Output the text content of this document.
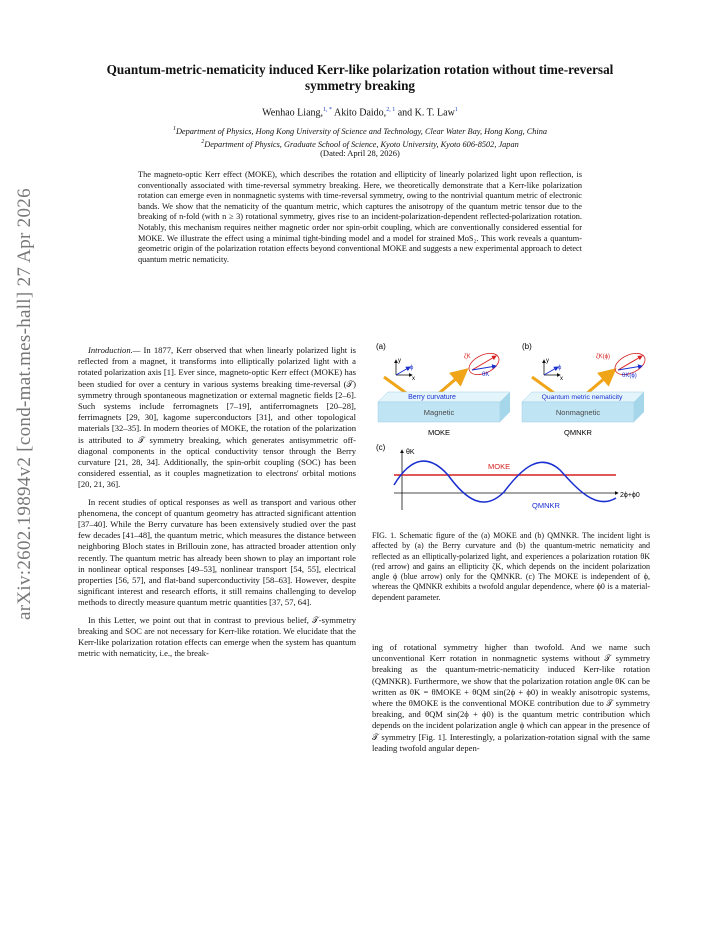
arXiv:2602.19894v2 [cond-mat.mes-hall] 27 Apr 2026
Quantum-metric-nematicity induced Kerr-like polarization rotation without time-reversal symmetry breaking
Wenhao Liang,$^{1, *}$ Akito Daido,$^{2, 1}$ and K. T. Law$^1$
$^1$Department of Physics, Hong Kong University of Science and Technology, Clear Water Bay, Hong Kong, China
$^2$Department of Physics, Graduate School of Science, Kyoto University, Kyoto 606-8502, Japan
(Dated: April 28, 2026)
The magneto-optic Kerr effect (MOKE), which describes the rotation and ellipticity of linearly polarized light upon reflection, is conventionally associated with time-reversal symmetry breaking. Here, we theoretically demonstrate that a Kerr-like polarization rotation can emerge even in nonmagnetic systems with time-reversal symmetry, owing to the nontrivial quantum metric of electronic bands. We show that the nematicity of the quantum metric, which captures the anisotropy of the quantum metric tensor due to the breaking of n-fold (with n ≥ 3) rotational symmetry, gives rise to an incident-polarization-dependent reflected-polarization rotation. Notably, this mechanism requires neither magnetic order nor spin-orbit coupling, which are conventionally considered essential for MOKE. We illustrate the effect using a minimal tight-binding model and a model for strained MoS₂. This work reveals a quantum-geometric origin of the polarization rotation effects beyond conventional MOKE and suggests a new experimental approach to detect quantum metric nematicity.

Introduction.— In 1877, Kerr observed that when linearly polarized light is reflected from a magnet, it transforms into elliptically polarized light with a rotated polarization axis [1]. Ever since, magneto-optic Kerr effect (MOKE) has been studied for over a century in various systems breaking time-reversal (𝒯) symmetry through spontaneous magnetization or external magnetic fields [2–6]. Such systems include ferromagnets [7–19], antiferromagnets [20–28], ferrimagnets [29, 30], kagome superconductors [31], and other topological materials [32–35]. In modern theories of MOKE, the rotation of the polarization is attributed to 𝒯 symmetry breaking, which generates antisymmetric off-diagonal components in the optical conductivity tensor through the Berry curvature [21, 28, 34]. Additionally, the spin-orbit coupling (SOC) has been considered essential, as it couples magnetization to electrons' orbital motions [20, 21, 36].

In recent studies of optical responses as well as transport and various other phenomena, the concept of quantum geometry has attracted significant attention [37–40]. While the Berry curvature has been extensively studied over the past few decades [41–48], the quantum metric, which measures the distance between neighboring Bloch states in Brillouin zone, has attracted broader attention only recently. The quantum metric has already been shown to play an important role in nonlinear optical responses [49–53], nonlinear transport [54, 55], electrical properties [56, 57], and flat-band superconductivity [58–63]. However, despite significant interest and research efforts, it still remains challenging to develop methods to directly measure quantum metric quantities [37, 57, 64].

In this Letter, we point out that in contrast to previous belief, 𝒯-symmetry breaking and SOC are not necessary for Kerr-like rotation. We elucidate that the Kerr-like polarization rotation effects can emerge when the system has quantum metric with nematicity, i.e., the break-

(a)
y
x
ϕ
ζK
θK
Berry curvature
Magnetic
MOKE
(b)
y
x
ϕ
ζK(ϕ)
θK(ϕ)
Quantum metric nematicity
Nonmagnetic
QMNKR
(c)
θK
MOKE
QMNKR
2ϕ+ϕ0
FIG. 1. Schematic figure of the (a) MOKE and (b) QMNKR. The incident light is affected by (a) the Berry curvature and (b) the quantum-metric nematicity and reflected as an elliptically-polarized light, and experiences a polarization rotation θK (red arrow) and gains an ellipticity ζK, which depends on the incident polarization angle ϕ (blue arrow) only for the QMNKR. (c) The MOKE is independent of ϕ, whereas the QMNKR exhibits a twofold angular dependence, where ϕ0 is a material-dependent parameter.

ing of rotational symmetry higher than twofold. And we name such unconventional Kerr rotation in nonmagnetic systems without 𝒯 symmetry breaking as the quantum-metric-nematicity induced Kerr-like rotation (QMNKR). Furthermore, we show that the polarization rotation angle θK can be written as θK = θMOKE + θQM sin(2ϕ + ϕ0) in weakly anisotropic systems, where the θMOKE is the conventional MOKE contribution due to 𝒯 symmetry breaking, and θQM sin(2ϕ + ϕ0) is the quantum metric contribution which depends on the incident polarization angle ϕ which can appear in the presence of 𝒯 symmetry [Fig. 1]. Interestingly, a polarization-rotation signal with the same leading twofold angular depen-
